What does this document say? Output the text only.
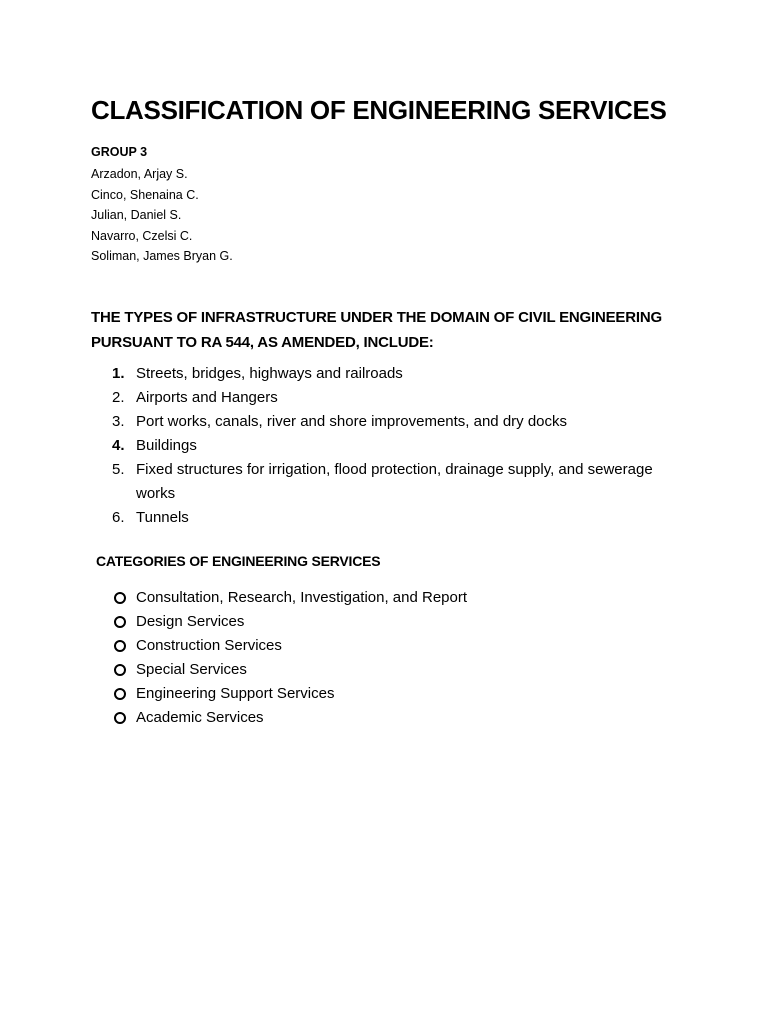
CLASSIFICATION OF ENGINEERING SERVICES
GROUP 3
Arzadon, Arjay S.
Cinco, Shenaina C.
Julian, Daniel S.
Navarro, Czelsi C.
Soliman, James Bryan G.
THE TYPES OF INFRASTRUCTURE UNDER THE DOMAIN OF CIVIL ENGINEERING PURSUANT TO RA 544, AS AMENDED, INCLUDE:
1. Streets, bridges, highways and railroads
2. Airports and Hangers
3. Port works, canals, river and shore improvements, and dry docks
4. Buildings
5. Fixed structures for irrigation, flood protection, drainage supply, and sewerage works
6. Tunnels
CATEGORIES OF ENGINEERING SERVICES
Consultation, Research, Investigation, and Report
Design Services
Construction Services
Special Services
Engineering Support Services
Academic Services
